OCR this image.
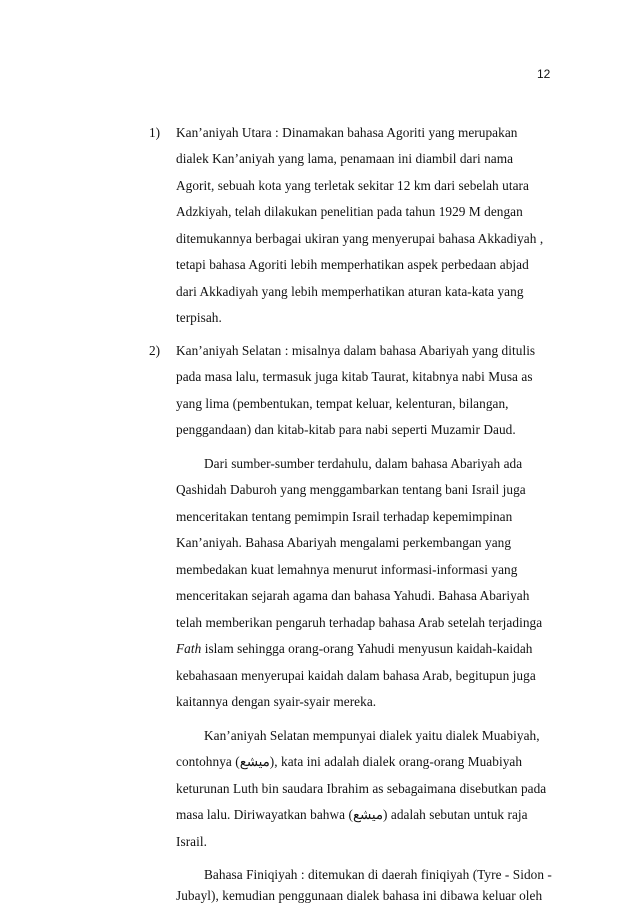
12
1) Kan’aniyah Utara : Dinamakan bahasa Agoriti yang merupakan
dialek Kan’aniyah yang lama, penamaan ini diambil dari nama
Agorit, sebuah kota yang terletak sekitar 12 km dari sebelah utara
Adzkiyah, telah dilakukan penelitian pada tahun 1929 M dengan
ditemukannya berbagai ukiran yang menyerupai bahasa Akkadiyah ,
tetapi bahasa Agoriti lebih memperhatikan aspek perbedaan abjad
dari Akkadiyah yang lebih memperhatikan aturan kata-kata yang
terpisah.
2) Kan’aniyah Selatan : misalnya dalam bahasa Abariyah yang ditulis
pada masa lalu, termasuk juga kitab Taurat, kitabnya nabi Musa as
yang lima (pembentukan, tempat keluar, kelenturan, bilangan,
penggandaan) dan kitab-kitab para nabi seperti Muzamir Daud.
Dari sumber-sumber terdahulu, dalam bahasa Abariyah ada
Qashidah Daburoh yang menggambarkan tentang bani Israil juga
menceritakan tentang pemimpin Israil terhadap kepemimpinan
Kan’aniyah. Bahasa Abariyah mengalami perkembangan yang
membedakan kuat lemahnya menurut informasi-informasi yang
menceritakan sejarah agama dan bahasa Yahudi. Bahasa Abariyah
telah memberikan pengaruh terhadap bahasa Arab setelah terjadinga
Fath islam sehingga orang-orang Yahudi menyusun kaidah-kaidah
kebahasaan menyerupai kaidah dalam bahasa Arab, begitupun juga
kaitannya dengan syair-syair mereka.
Kan’aniyah Selatan mempunyai dialek yaitu dialek Muabiyah,
contohnya (ميشع), kata ini adalah dialek orang-orang Muabiyah
keturunan Luth bin saudara Ibrahim as sebagaimana disebutkan pada
masa lalu. Diriwayatkan bahwa (ميشع) adalah sebutan untuk raja
Israil.
Bahasa Finiqiyah : ditemukan di daerah finiqiyah (Tyre - Sidon -
Jubayl), kemudian penggunaan dialek bahasa ini dibawa keluar oleh
